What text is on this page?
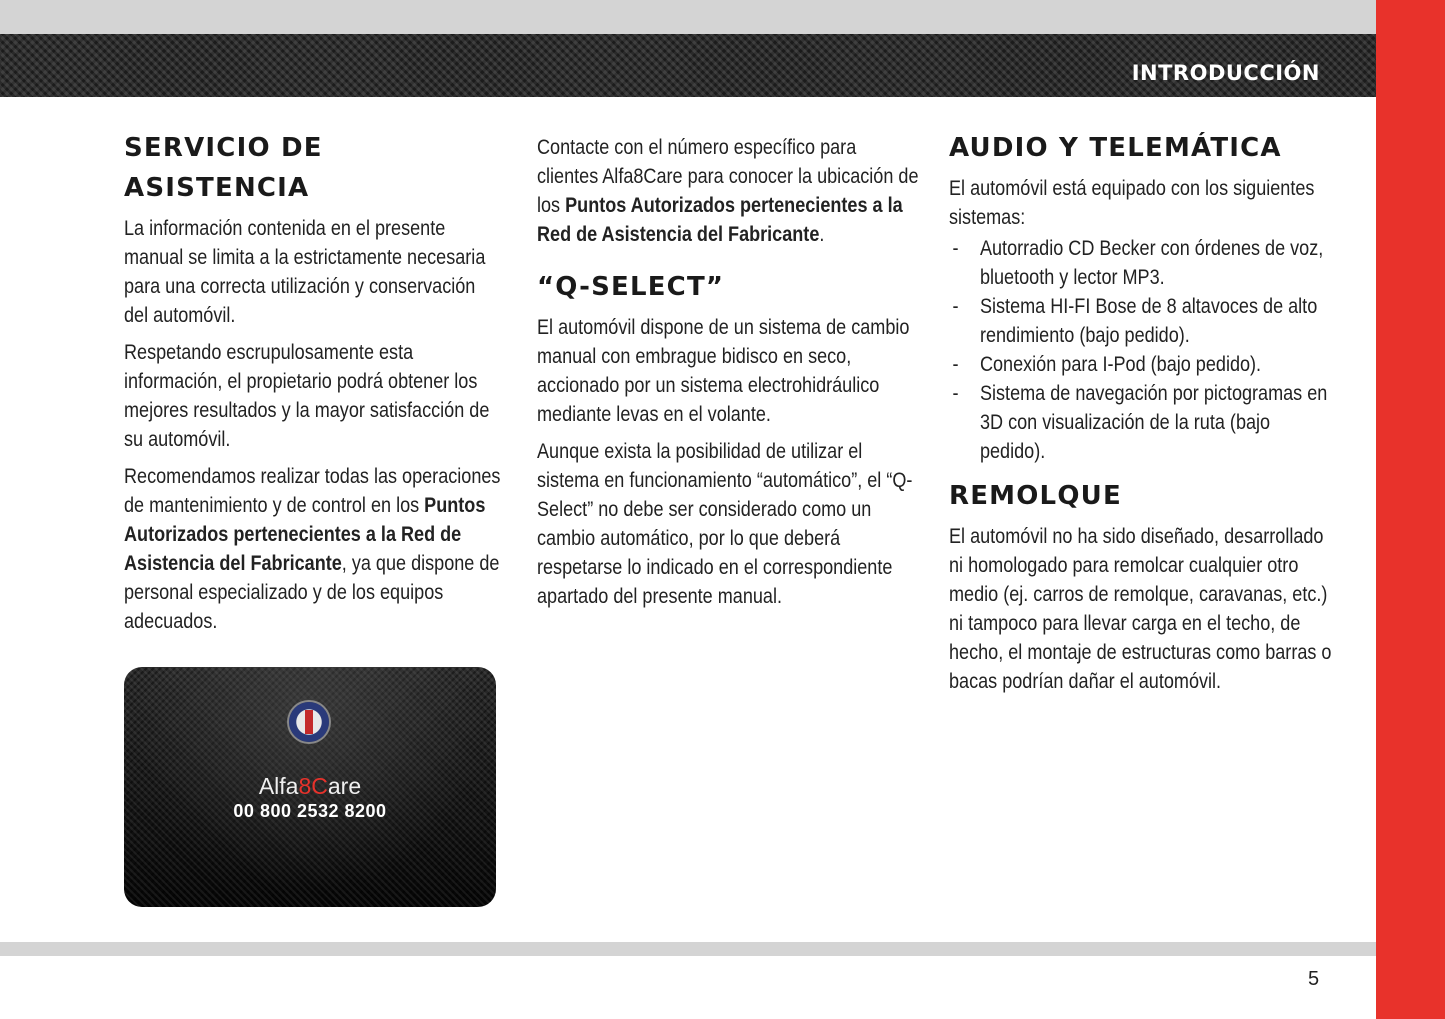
INTRODUCCIÓN
SERVICIO DE ASISTENCIA

La información contenida en el presente manual se limita a la estrictamente necesaria para una correcta utilización y conservación del automóvil.

Respetando escrupulosamente esta información, el propietario podrá obtener los mejores resultados y la mayor satisfacción de su automóvil.

Recomendamos realizar todas las operaciones de mantenimiento y de control en los Puntos Autorizados pertenecientes a la Red de Asistencia del Fabricante, ya que dispone de personal especializado y de los equipos adecuados.

Alfa8Care
00 800 2532 8200

Contacte con el número específico para clientes Alfa8Care para conocer la ubicación de los Puntos Autorizados pertenecientes a la Red de Asistencia del Fabricante.

“Q-SELECT”

El automóvil dispone de un sistema de cambio manual con embrague bidisco en seco, accionado por un sistema electrohidráulico mediante levas en el volante.

Aunque exista la posibilidad de utilizar el sistema en funcionamiento “automático”, el “Q-Select” no debe ser considerado como un cambio automático, por lo que deberá respetarse lo indicado en el correspondiente apartado del presente manual.

AUDIO Y TELEMÁTICA

El automóvil está equipado con los siguientes sistemas:

- Autorradio CD Becker con órdenes de voz, bluetooth y lector MP3.
- Sistema HI-FI Bose de 8 altavoces de alto rendimiento (bajo pedido).
- Conexión para I-Pod (bajo pedido).
- Sistema de navegación por pictogramas en 3D con visualización de la ruta (bajo pedido).
REMOLQUE

El automóvil no ha sido diseñado, desarrollado ni homologado para remolcar cualquier otro medio (ej. carros de remolque, caravanas, etc.) ni tampoco para llevar carga en el techo, de hecho, el montaje de estructuras como barras o bacas podrían dañar el automóvil.

5
